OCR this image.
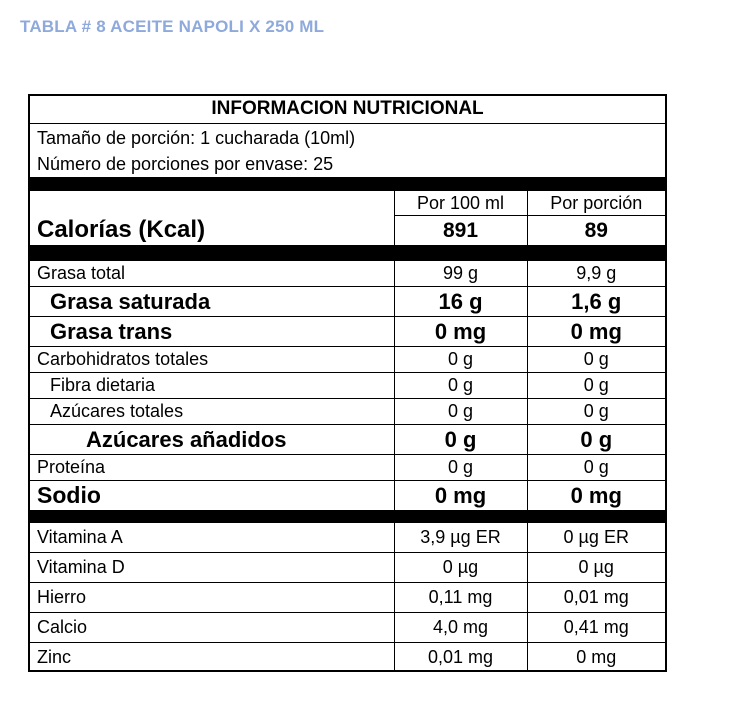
TABLA # 8 ACEITE NAPOLI X 250 ML
INFORMACION NUTRICIONAL
Tamaño de porción: 1 cucharada (10ml)
Número de porciones por envase: 25
	Por 100 ml	Por porción
Calorías (Kcal)	891	89
Grasa total	99 g	9,9 g
Grasa saturada	16 g	1,6 g
Grasa trans	0 mg	0 mg
Carbohidratos totales	0 g	0 g
Fibra dietaria	0 g	0 g
Azúcares totales	0 g	0 g
Azúcares añadidos	0 g	0 g
Proteína	0 g	0 g
Sodio	0 mg	0 mg
Vitamina A	3,9 µg ER	0 µg ER
Vitamina D	0 µg	0 µg
Hierro	0,11 mg	0,01 mg
Calcio	4,0 mg	0,41 mg
Zinc	0,01 mg	0 mg
